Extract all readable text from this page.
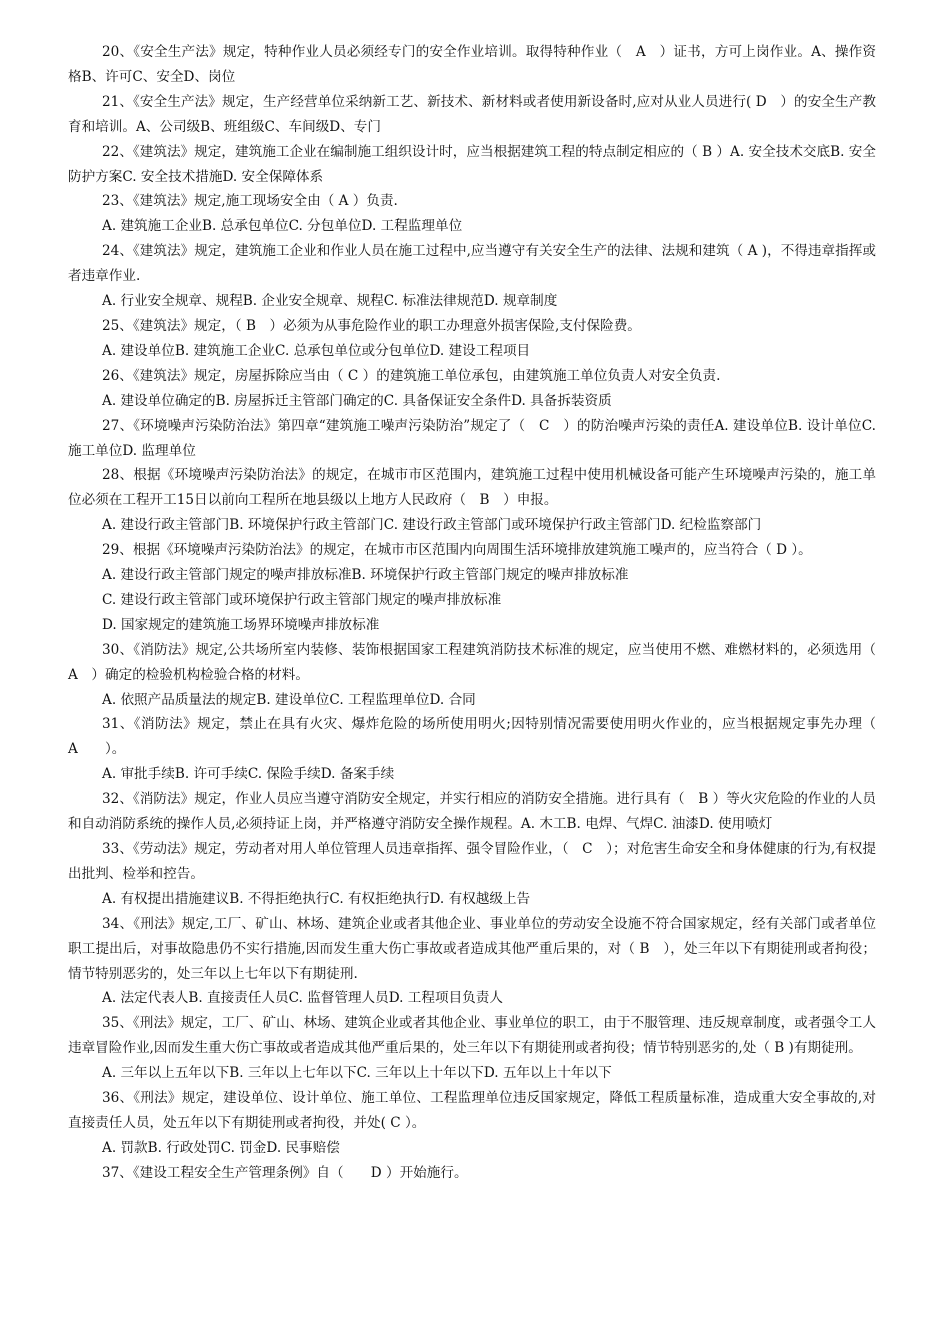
20、《安全生产法》规定，特种作业人员必须经专门的安全作业培训。取得特种作业（　A　）证书，方可上岗作业。A、操作资格B、许可C、安全D、岗位

21、《安全生产法》规定，生产经营单位采纳新工艺、新技术、新材料或者使用新设备时,应对从业人员进行( D　）的安全生产教育和培训。A、公司级B、班组级C、车间级D、专门

22、《建筑法》规定，建筑施工企业在编制施工组织设计时，应当根据建筑工程的特点制定相应的（ B ）A. 安全技术交底B. 安全防护方案C. 安全技术措施D. 安全保障体系

23、《建筑法》规定,施工现场安全由（ A ）负责.

A. 建筑施工企业B. 总承包单位C. 分包单位D. 工程监理单位

24、《建筑法》规定，建筑施工企业和作业人员在施工过程中,应当遵守有关安全生产的法律、法规和建筑（ A )，不得违章指挥或者违章作业.

A. 行业安全规章、规程B. 企业安全规章、规程C. 标准法律规范D. 规章制度

25、《建筑法》规定，（ B　）必须为从事危险作业的职工办理意外损害保险,支付保险费。

A. 建设单位B. 建筑施工企业C. 总承包单位或分包单位D. 建设工程项目

26、《建筑法》规定，房屋拆除应当由（ C ）的建筑施工单位承包，由建筑施工单位负责人对安全负责.

A. 建设单位确定的B. 房屋拆迁主管部门确定的C. 具备保证安全条件D. 具备拆装资质

27、《环境噪声污染防治法》第四章“建筑施工噪声污染防治”规定了（　C　）的防治噪声污染的责任A. 建设单位B. 设计单位C. 施工单位D. 监理单位

28、根据《环境噪声污染防治法》的规定，在城市市区范围内，建筑施工过程中使用机械设备可能产生环境噪声污染的，施工单位必须在工程开工15日以前向工程所在地县级以上地方人民政府（　B　）申报。

A. 建设行政主管部门B. 环境保护行政主管部门C. 建设行政主管部门或环境保护行政主管部门D. 纪检监察部门

29、根据《环境噪声污染防治法》的规定，在城市市区范围内向周围生活环境排放建筑施工噪声的，应当符合（ D ）。

A. 建设行政主管部门规定的噪声排放标准B. 环境保护行政主管部门规定的噪声排放标准

C. 建设行政主管部门或环境保护行政主管部门规定的噪声排放标准

D. 国家规定的建筑施工场界环境噪声排放标准

30、《消防法》规定,公共场所室内装修、装饰根据国家工程建筑消防技术标准的规定，应当使用不燃、难燃材料的，必须选用（ A　）确定的检验机构检验合格的材料。

A. 依照产品质量法的规定B. 建设单位C. 工程监理单位D. 合同

31、《消防法》规定，禁止在具有火灾、爆炸危险的场所使用明火;因特别情况需要使用明火作业的，应当根据规定事先办理（　A　　）。

A. 审批手续B. 许可手续C. 保险手续D. 备案手续

32、《消防法》规定，作业人员应当遵守消防安全规定，并实行相应的消防安全措施。进行具有（　B ）等火灾危险的作业的人员和自动消防系统的操作人员,必须持证上岗，并严格遵守消防安全操作规程。A. 木工B. 电焊、气焊C. 油漆D. 使用喷灯

33、《劳动法》规定，劳动者对用人单位管理人员违章指挥、强令冒险作业，（　C　）；对危害生命安全和身体健康的行为,有权提出批判、检举和控告。

A. 有权提出措施建议B. 不得拒绝执行C. 有权拒绝执行D. 有权越级上告

34、《刑法》规定,工厂、矿山、林场、建筑企业或者其他企业、事业单位的劳动安全设施不符合国家规定，经有关部门或者单位职工提出后，对事故隐患仍不实行措施,因而发生重大伤亡事故或者造成其他严重后果的，对（ B　），处三年以下有期徒刑或者拘役；情节特别恶劣的，处三年以上七年以下有期徒刑.

A. 法定代表人B. 直接责任人员C. 监督管理人员D. 工程项目负责人

35、《刑法》规定，工厂、矿山、林场、建筑企业或者其他企业、事业单位的职工，由于不服管理、违反规章制度，或者强令工人违章冒险作业,因而发生重大伤亡事故或者造成其他严重后果的，处三年以下有期徒刑或者拘役；情节特别恶劣的,处（ B )有期徒刑。

A. 三年以上五年以下B. 三年以上七年以下C. 三年以上十年以下D. 五年以上十年以下

36、《刑法》规定，建设单位、设计单位、施工单位、工程监理单位违反国家规定，降低工程质量标准，造成重大安全事故的,对直接责任人员，处五年以下有期徒刑或者拘役，并处( C ）。

A. 罚款B. 行政处罚C. 罚金D. 民事赔偿

37、《建设工程安全生产管理条例》自（　　D ）开始施行。
